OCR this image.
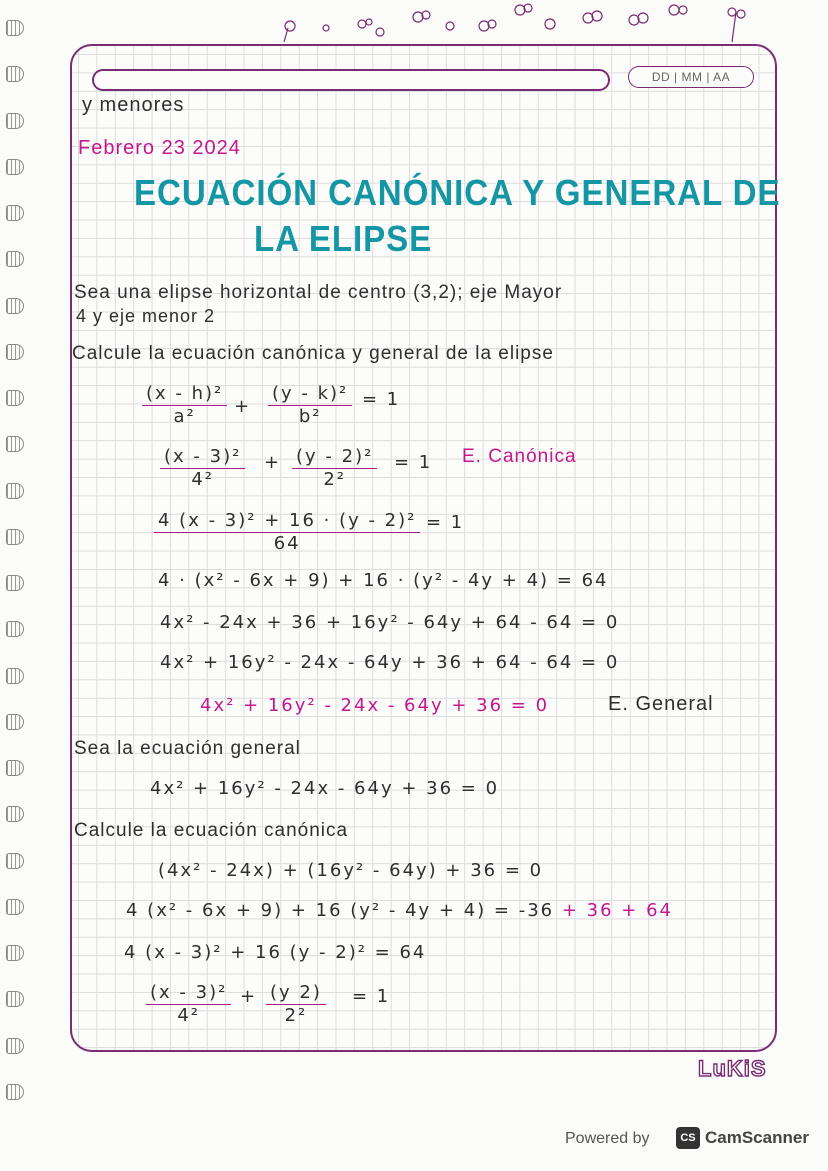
DD | MM | AA
y menores
Febrero 23 2024
ECUACIÓN CANÓNICA Y GENERAL DE
LA ELIPSE
Sea una elipse horizontal de centro (3,2); eje Mayor
4 y eje menor 2
Calcule la ecuación canónica y general de la elipse
$\frac{\text{(x - h)²}}{\text{a²}} + \frac{\text{(y - k)²}}{\text{b²}} = 1$
$\frac{\text{(x - 3)²}}{\text{4²}} + \frac{\text{(y - 2)²}}{\text{2²}} = 1$ E. Canónica
$\frac{\text{4 (x - 3)² + 16 · (y - 2)²}}{64} = 1$
4 · (x² - 6x + 9) + 16 · (y² - 4y + 4) = 64
4x² - 24x + 36 + 16y² - 64y + 64 - 64 = 0
4x² + 16y² - 24x - 64y + 36 + 64 - 64 = 0
4x² + 16y² - 24x - 64y + 36 = 0	E. General
Sea la ecuación general
4x² + 16y² - 24x - 64y + 36 = 0
Calcule la ecuación canónica
(4x² - 24x) + (16y² - 64y) + 36 = 0
4 (x² - 6x + 9) + 16 (y² - 4y + 4) = -36 + 36 + 64
4 (x - 3)² + 16 (y - 2)² = 64
$\frac{\text{(x - 3)²}}{\text{4²}} + \frac{(y 2)}{\text{2²}} = 1$
LuKiS
Powered by	CS CamScanner
